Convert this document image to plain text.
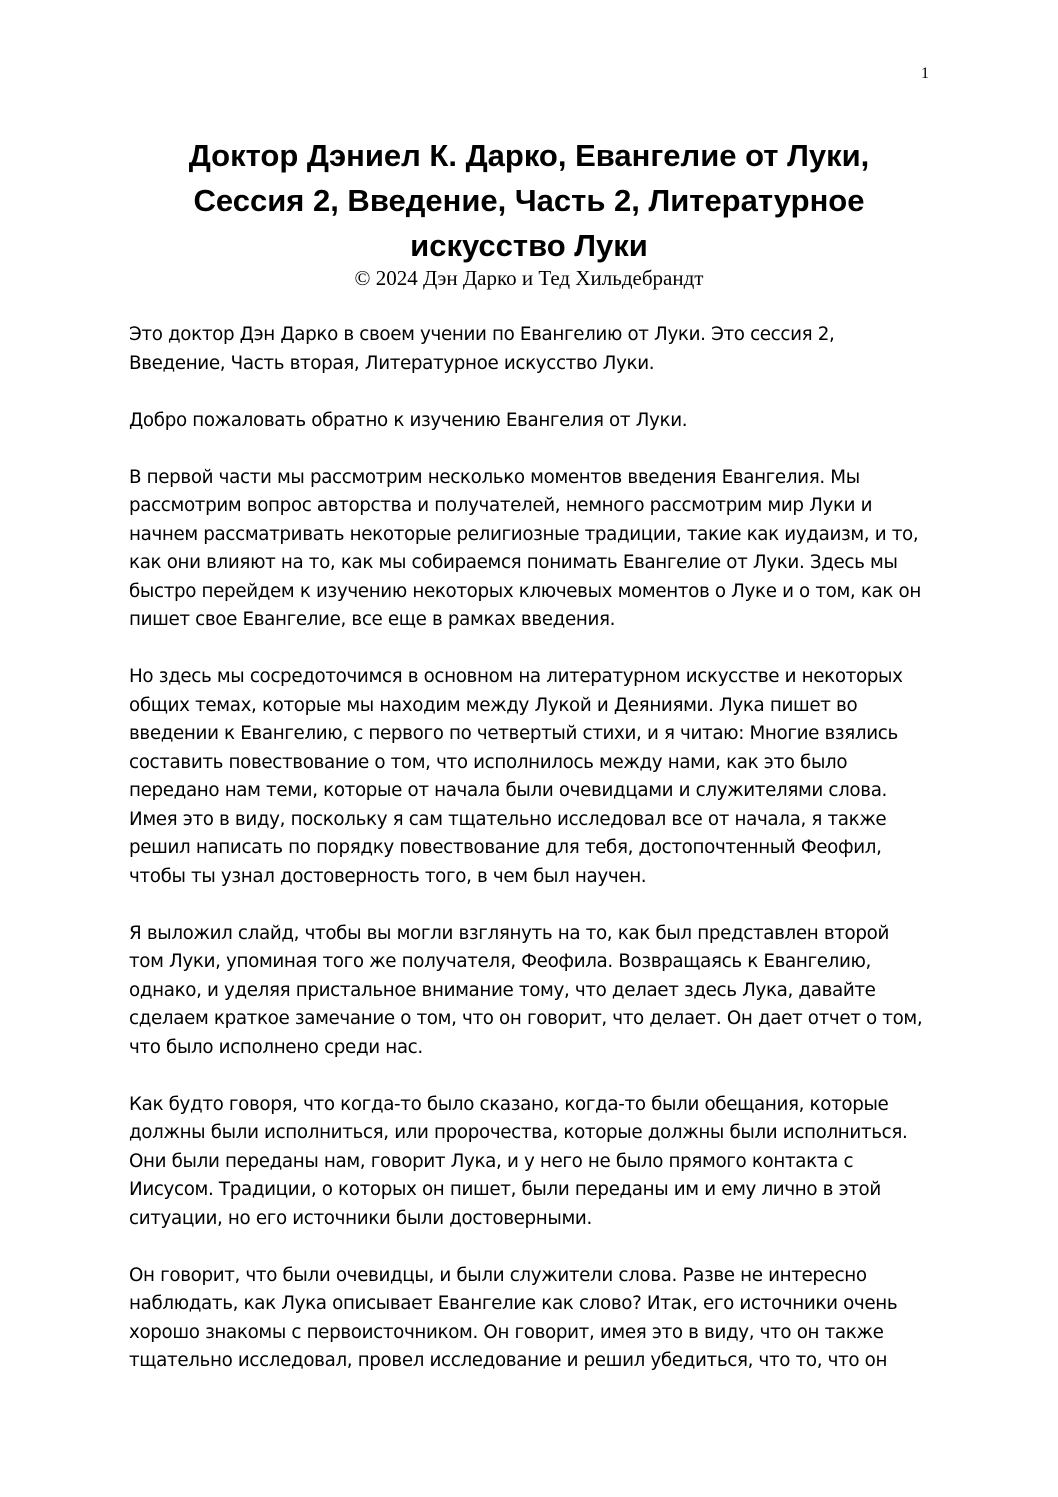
1
Доктор Дэниел К. Дарко, Евангелие от Луки,
Сессия 2, Введение, Часть 2, Литературное
искусство Луки
© 2024 Дэн Дарко и Тед Хильдебрандт

Это доктор Дэн Дарко в своем учении по Евангелию от Луки. Это сессия 2, Введение, Часть вторая, Литературное искусство Луки.

Добро пожаловать обратно к изучению Евангелия от Луки.

В первой части мы рассмотрим несколько моментов введения Евангелия. Мы рассмотрим вопрос авторства и получателей, немного рассмотрим мир Луки и начнем рассматривать некоторые религиозные традиции, такие как иудаизм, и то, как они влияют на то, как мы собираемся понимать Евангелие от Луки. Здесь мы быстро перейдем к изучению некоторых ключевых моментов о Луке и о том, как он пишет свое Евангелие, все еще в рамках введения.

Но здесь мы сосредоточимся в основном на литературном искусстве и некоторых общих темах, которые мы находим между Лукой и Деяниями. Лука пишет во введении к Евангелию, с первого по четвертый стихи, и я читаю: Многие взялись составить повествование о том, что исполнилось между нами, как это было передано нам теми, которые от начала были очевидцами и служителями слова. Имея это в виду, поскольку я сам тщательно исследовал все от начала, я также решил написать по порядку повествование для тебя, достопочтенный Феофил, чтобы ты узнал достоверность того, в чем был научен.

Я выложил слайд, чтобы вы могли взглянуть на то, как был представлен второй том Луки, упоминая того же получателя, Феофила. Возвращаясь к Евангелию, однако, и уделяя пристальное внимание тому, что делает здесь Лука, давайте сделаем краткое замечание о том, что он говорит, что делает. Он дает отчет о том, что было исполнено среди нас.

Как будто говоря, что когда-то было сказано, когда-то были обещания, которые должны были исполниться, или пророчества, которые должны были исполниться. Они были переданы нам, говорит Лука, и у него не было прямого контакта с Иисусом. Традиции, о которых он пишет, были переданы им и ему лично в этой ситуации, но его источники были достоверными.

Он говорит, что были очевидцы, и были служители слова. Разве не интересно наблюдать, как Лука описывает Евангелие как слово? Итак, его источники очень хорошо знакомы с первоисточником. Он говорит, имея это в виду, что он также тщательно исследовал, провел исследование и решил убедиться, что то, что он
